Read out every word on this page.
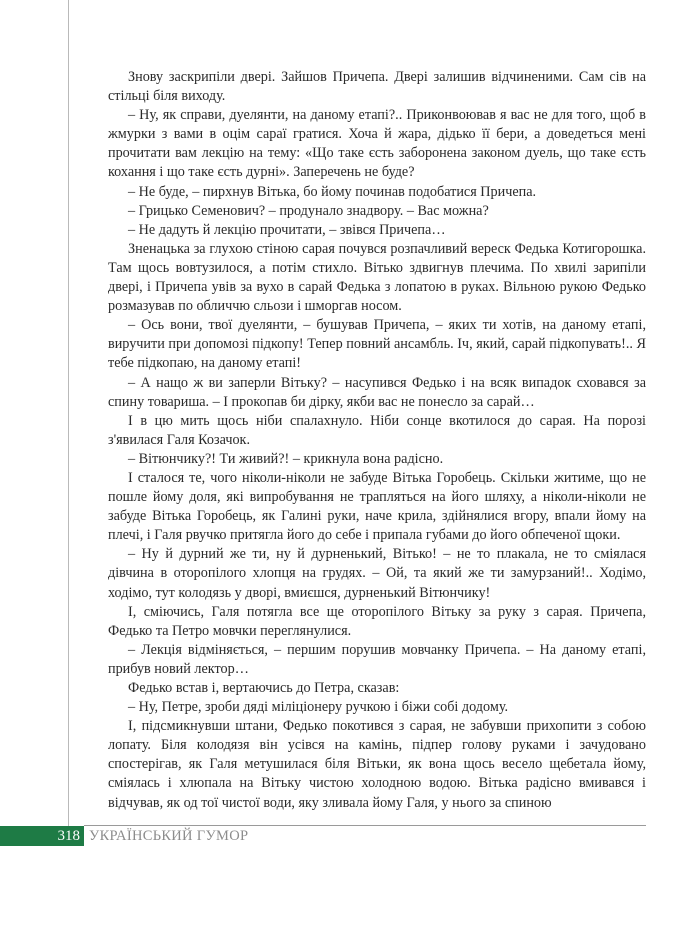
Знову заскрипіли двері. Зайшов Причепа. Двері залишив відчиненими. Сам сів на стільці біля виходу.

– Ну, як справи, дуелянти, на даному етапі?.. Приконвоював я вас не для того, щоб в жмурки з вами в оцім сараї гратися. Хоча й жара, дідько її бери, а доведеться мені прочитати вам лекцію на тему: «Що таке єсть заборонена законом дуель, що таке єсть кохання і що таке єсть дурні». Заперечень не буде?

– Не буде, – пирхнув Вітька, бо йому починав подобатися Причепа.

– Грицько Семенович? – продунало знадвору. – Вас можна?

– Не дадуть й лекцію прочитати, – звівся Причепа…

Зненацька за глухою стіною сарая почувся розпачливий вереск Федька Котигорошка. Там щось вовтузилося, а потім стихло. Вітько здвигнув плечима. По хвилі зарипіли двері, і Причепа увів за вухо в сарай Федька з лопатою в руках. Вільною рукою Федько розмазував по обличчю сльози і шморгав носом.

– Ось вони, твої дуелянти, – бушував Причепа, – яких ти хотів, на даному етапі, виручити при допомозі підкопу! Тепер повний ансамбль. Іч, який, сарай підкопувать!.. Я тебе підкопаю, на даному етапі!

– А нащо ж ви заперли Вітьку? – насупився Федько і на всяк випадок сховався за спину товариша. – І прокопав би дірку, якби вас не понесло за сарай…

І в цю мить щось ніби спалахнуло. Ніби сонце вкотилося до сарая. На порозі з'явилася Галя Козачок.

– Вітюнчику?! Ти живий?! – крикнула вона радісно.

І сталося те, чого ніколи-ніколи не забуде Вітька Горобець. Скільки житиме, що не пошле йому доля, які випробування не трапляться на його шляху, а ніколи-ніколи не забуде Вітька Горобець, як Галині руки, наче крила, здійнялися вгору, впали йому на плечі, і Галя рвучко притягла його до себе і припала губами до його обпеченої щоки.

– Ну й дурний же ти, ну й дурненький, Вітько! – не то плакала, не то сміялася дівчина в оторопілого хлопця на грудях. – Ой, та який же ти замурзаний!.. Ходімо, ходімо, тут колодязь у дворі, вмиєшся, дурненький Вітюнчику!

І, сміючись, Галя потягла все ще оторопілого Вітьку за руку з сарая. Причепа, Федько та Петро мовчки переглянулися.

– Лекція відміняється, – першим порушив мовчанку Причепа. – На даному етапі, прибув новий лектор…

Федько встав і, вертаючись до Петра, сказав:

– Ну, Петре, зроби дяді міліціонеру ручкою і біжи собі додому.

І, підсмикнувши штани, Федько покотився з сарая, не забувши прихопити з собою лопату. Біля колодязя він усівся на камінь, підпер голову руками і зачудовано спостерігав, як Галя метушилася біля Вітьки, як вона щось весело щебетала йому, сміялась і хлюпала на Вітьку чистою холодною водою. Вітька радісно вмивався і відчував, як од тої чистої води, яку зливала йому Галя, у нього за спиною

318 УКРАЇНСЬКИЙ ГУМОР
